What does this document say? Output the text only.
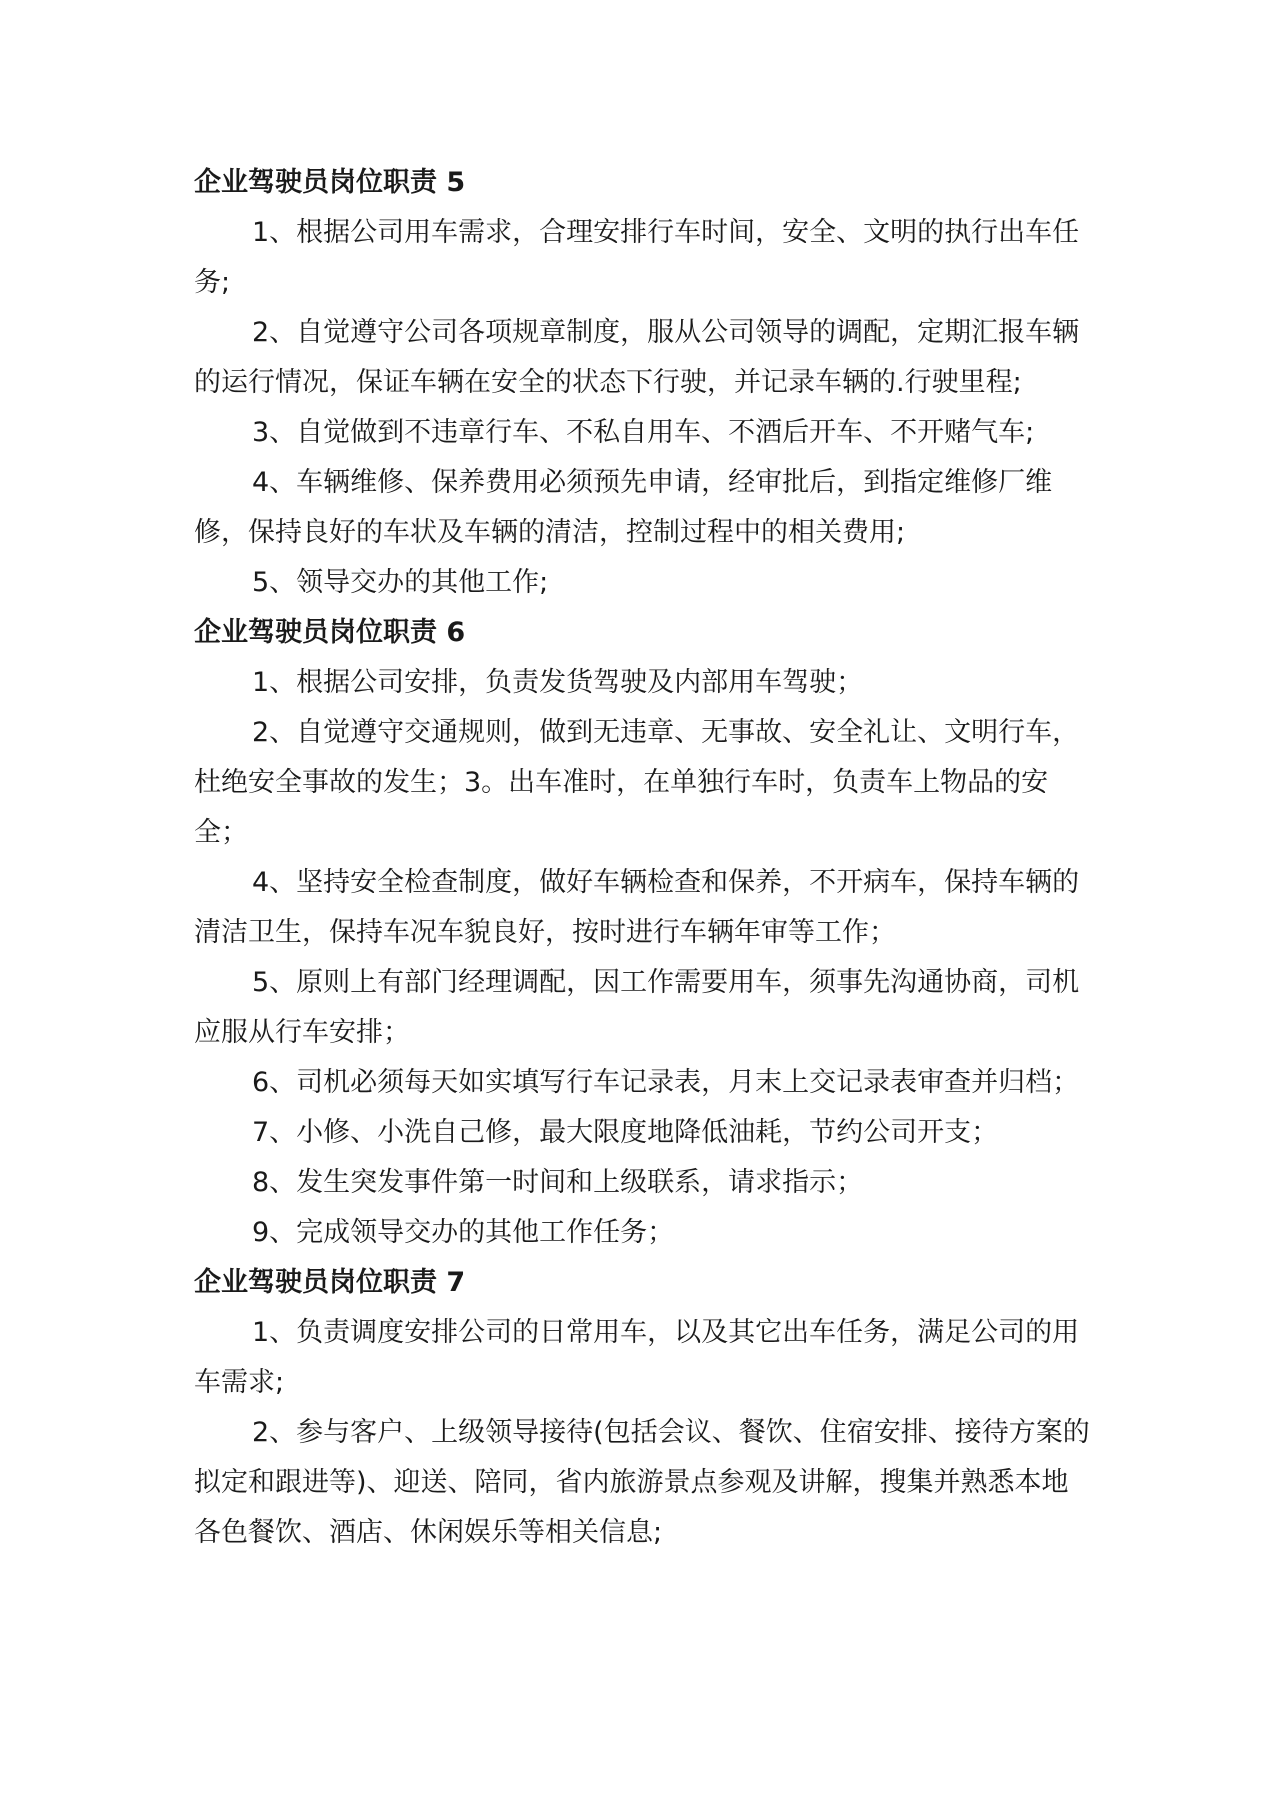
企业驾驶员岗位职责 5

1、根据公司用车需求，合理安排行车时间，安全、文明的执行出车任务;

2、自觉遵守公司各项规章制度，服从公司领导的调配，定期汇报车辆的运行情况，保证车辆在安全的状态下行驶，并记录车辆的.行驶里程;

3、自觉做到不违章行车、不私自用车、不酒后开车、不开赌气车;

4、车辆维修、保养费用必须预先申请，经审批后，到指定维修厂维修，保持良好的车状及车辆的清洁，控制过程中的相关费用;

5、领导交办的其他工作;

企业驾驶员岗位职责 6

1、根据公司安排，负责发货驾驶及内部用车驾驶；

2、自觉遵守交通规则，做到无违章、无事故、安全礼让、文明行车，杜绝安全事故的发生；3。出车准时，在单独行车时，负责车上物品的安全；

4、坚持安全检查制度，做好车辆检查和保养，不开病车，保持车辆的清洁卫生，保持车况车貌良好，按时进行车辆年审等工作；

5、原则上有部门经理调配，因工作需要用车，须事先沟通协商，司机应服从行车安排；

6、司机必须每天如实填写行车记录表，月末上交记录表审查并归档；

7、小修、小洗自己修，最大限度地降低油耗，节约公司开支；

8、发生突发事件第一时间和上级联系，请求指示；

9、完成领导交办的其他工作任务；

企业驾驶员岗位职责 7

1、负责调度安排公司的日常用车，以及其它出车任务，满足公司的用车需求;

2、参与客户、上级领导接待(包括会议、餐饮、住宿安排、接待方案的拟定和跟进等)、迎送、陪同，省内旅游景点参观及讲解，搜集并熟悉本地各色餐饮、酒店、休闲娱乐等相关信息;
